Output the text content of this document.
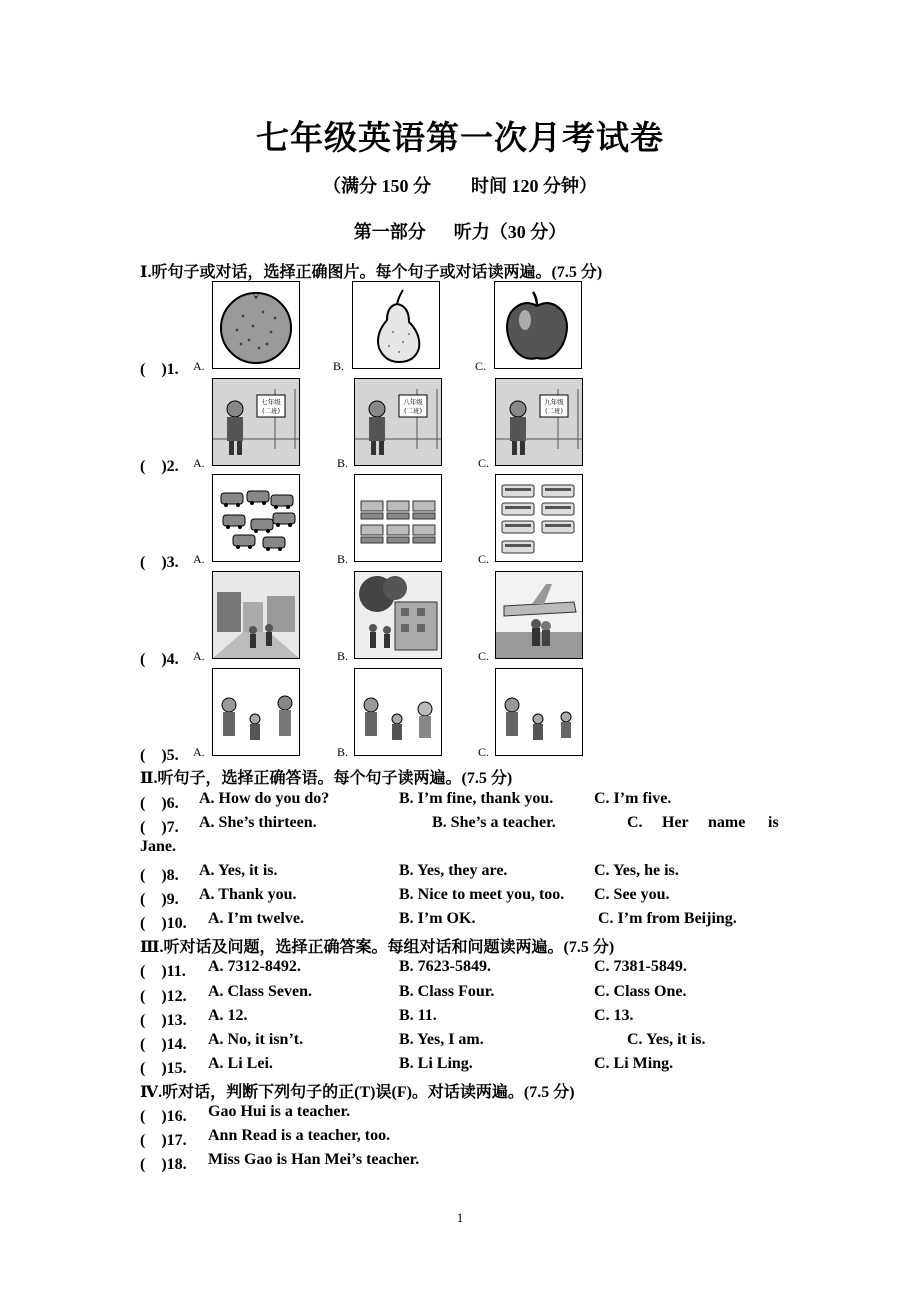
七年级英语第一次月考试卷
（满分 150 分 时间 120 分钟）
第一部分 听力（30 分）
Ⅰ.听句子或对话，选择正确图片。每个句子或对话读两遍。(7.5 分)
(　)1. A.	B.	C.
(　)2. A.	B.	C.
七年级
(二班)
八年级
(二班)
九年级
(二班)
(　)3. A.	B.	C.
(　)4. A.	B.	C.
(　)5. A.	B.	C.
Ⅱ.听句子，选择正确答语。每个句子读两遍。(7.5 分)
(　)6. A. How do you do?	B. I’m fine, thank you.	C. I’m five.
(　)7. A. She’s thirteen.	B. She’s a teacher.	C. Her name is
Jane.
(　)8. A. Yes, it is.	B. Yes, they are.	C. Yes, he is.
(　)9. A. Thank you.	B. Nice to meet you, too. C. See you.
(　)10. A. I’m twelve.	B. I’m OK.	C. I’m from Beijing.
Ⅲ.听对话及问题，选择正确答案。每组对话和问题读两遍。(7.5 分)
(　)11. A. 7312-8492.	B. 7623-5849.	C. 7381-5849.
(　)12. A. Class Seven.	B. Class Four.	C. Class One.
(　)13. A. 12.	B. 11.	C. 13.
(　)14. A. No, it isn’t.	B. Yes, I am.	C. Yes, it is.
(　)15. A. Li Lei.	B. Li Ling.	C. Li Ming.
Ⅳ.听对话，判断下列句子的正(T)误(F)。对话读两遍。(7.5 分)
(　)16. Gao Hui is a teacher.
(　)17. Ann Read is a teacher, too.
(　)18. Miss Gao is Han Mei’s teacher.
1
